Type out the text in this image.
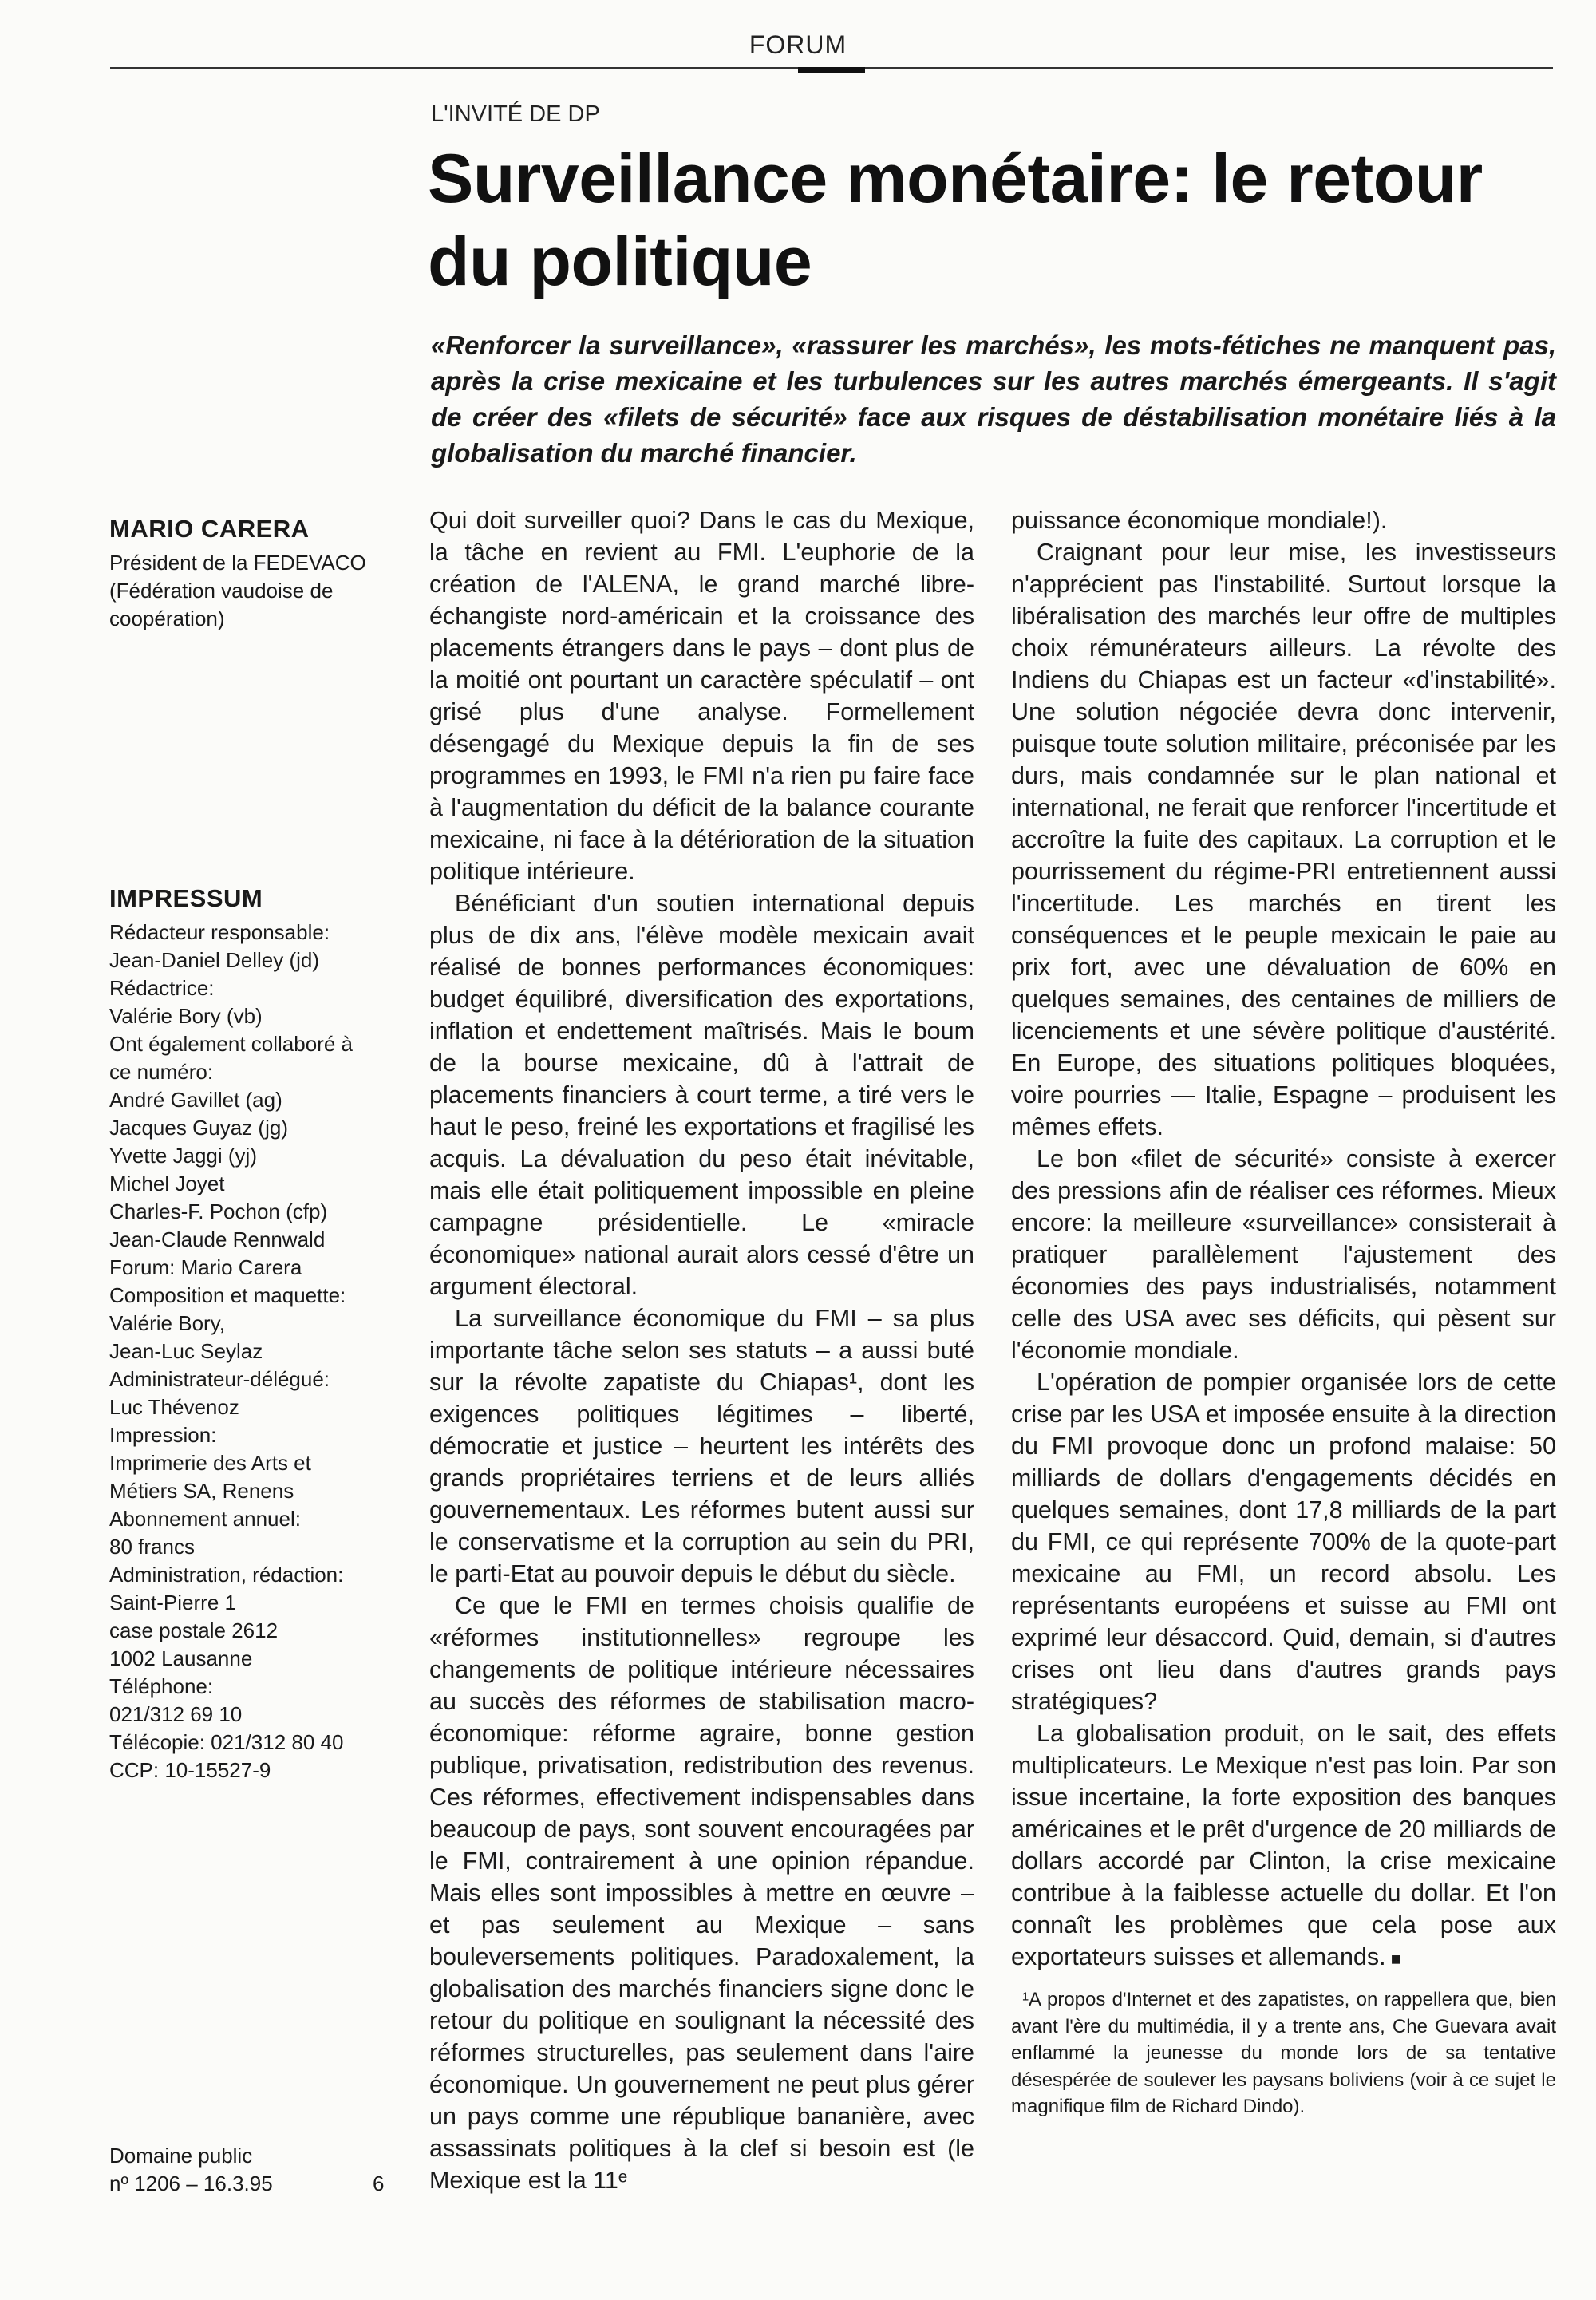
FORUM
L'INVITÉ DE DP
Surveillance monétaire: le retour du politique

«Renforcer la surveillance», «rassurer les marchés», les mots-fétiches ne manquent pas, après la crise mexicaine et les turbulences sur les autres marchés émergeants. Il s'agit de créer des «filets de sécurité» face aux risques de déstabilisation monétaire liés à la globalisation du marché financier.

MARIO CARERA
Président de la FEDEVACO
(Fédération vaudoise de
coopération)
IMPRESSUM
Rédacteur responsable:
Jean-Daniel Delley (jd)
Rédactrice:
Valérie Bory (vb)
Ont également collaboré à
ce numéro:
André Gavillet (ag)
Jacques Guyaz (jg)
Yvette Jaggi (yj)
Michel Joyet
Charles-F. Pochon (cfp)
Jean-Claude Rennwald
Forum: Mario Carera
Composition et maquette:
Valérie Bory,
Jean-Luc Seylaz
Administrateur-délégué:
Luc Thévenoz
Impression:
Imprimerie des Arts et
Métiers SA, Renens
Abonnement annuel:
80 francs
Administration, rédaction:
Saint-Pierre 1
case postale 2612
1002 Lausanne
Téléphone:
021/312 69 10
Télécopie: 021/312 80 40
CCP: 10-15527-9
Domaine public
nº 1206 – 16.3.95	6

Qui doit surveiller quoi? Dans le cas du Mexique, la tâche en revient au FMI. L'euphorie de la création de l'ALENA, le grand marché libre-échangiste nord-américain et la croissance des placements étrangers dans le pays – dont plus de la moitié ont pourtant un caractère spéculatif – ont grisé plus d'une analyse. Formellement désengagé du Mexique depuis la fin de ses programmes en 1993, le FMI n'a rien pu faire face à l'augmentation du déficit de la balance courante mexicaine, ni face à la détérioration de la situation politique intérieure.

Bénéficiant d'un soutien international depuis plus de dix ans, l'élève modèle mexicain avait réalisé de bonnes performances économiques: budget équilibré, diversification des exportations, inflation et endettement maîtrisés. Mais le boum de la bourse mexicaine, dû à l'attrait de placements financiers à court terme, a tiré vers le haut le peso, freiné les exportations et fragilisé les acquis. La dévaluation du peso était inévitable, mais elle était politiquement impossible en pleine campagne présidentielle. Le «miracle économique» national aurait alors cessé d'être un argument électoral.

La surveillance économique du FMI – sa plus importante tâche selon ses statuts – a aussi buté sur la révolte zapatiste du Chiapas¹, dont les exigences politiques légitimes – liberté, démocratie et justice – heurtent les intérêts des grands propriétaires terriens et de leurs alliés gouvernementaux. Les réformes butent aussi sur le conservatisme et la corruption au sein du PRI, le parti-Etat au pouvoir depuis le début du siècle.

Ce que le FMI en termes choisis qualifie de «réformes institutionnelles» regroupe les changements de politique intérieure nécessaires au succès des réformes de stabilisation macro-économique: réforme agraire, bonne gestion publique, privatisation, redistribution des revenus. Ces réformes, effectivement indispensables dans beaucoup de pays, sont souvent encouragées par le FMI, contrairement à une opinion répandue. Mais elles sont impossibles à mettre en œuvre – et pas seulement au Mexique – sans bouleversements politiques. Paradoxalement, la globalisation des marchés financiers signe donc le retour du politique en soulignant la nécessité des réformes structurelles, pas seulement dans l'aire économique. Un gouvernement ne peut plus gérer un pays comme une république bananière, avec assassinats politiques à la clef si besoin est (le Mexique est la 11ᵉ

puissance économique mondiale!).

Craignant pour leur mise, les investisseurs n'apprécient pas l'instabilité. Surtout lorsque la libéralisation des marchés leur offre de multiples choix rémunérateurs ailleurs. La révolte des Indiens du Chiapas est un facteur «d'instabilité». Une solution négociée devra donc intervenir, puisque toute solution militaire, préconisée par les durs, mais condamnée sur le plan national et international, ne ferait que renforcer l'incertitude et accroître la fuite des capitaux. La corruption et le pourrissement du régime-PRI entretiennent aussi l'incertitude. Les marchés en tirent les conséquences et le peuple mexicain le paie au prix fort, avec une dévaluation de 60% en quelques semaines, des centaines de milliers de licenciements et une sévère politique d'austérité. En Europe, des situations politiques bloquées, voire pourries — Italie, Espagne – produisent les mêmes effets.

Le bon «filet de sécurité» consiste à exercer des pressions afin de réaliser ces réformes. Mieux encore: la meilleure «surveillance» consisterait à pratiquer parallèlement l'ajustement des économies des pays industrialisés, notamment celle des USA avec ses déficits, qui pèsent sur l'économie mondiale.

L'opération de pompier organisée lors de cette crise par les USA et imposée ensuite à la direction du FMI provoque donc un profond malaise: 50 milliards de dollars d'engagements décidés en quelques semaines, dont 17,8 milliards de la part du FMI, ce qui représente 700% de la quote-part mexicaine au FMI, un record absolu. Les représentants européens et suisse au FMI ont exprimé leur désaccord. Quid, demain, si d'autres crises ont lieu dans d'autres grands pays stratégiques?

La globalisation produit, on le sait, des effets multiplicateurs. Le Mexique n'est pas loin. Par son issue incertaine, la forte exposition des banques américaines et le prêt d'urgence de 20 milliards de dollars accordé par Clinton, la crise mexicaine contribue à la faiblesse actuelle du dollar. Et l'on connaît les problèmes que cela pose aux exportateurs suisses et allemands. ■

¹A propos d'Internet et des zapatistes, on rappellera que, bien avant l'ère du multimédia, il y a trente ans, Che Guevara avait enflammé la jeunesse du monde lors de sa tentative désespérée de soulever les paysans boliviens (voir à ce sujet le magnifique film de Richard Dindo).
